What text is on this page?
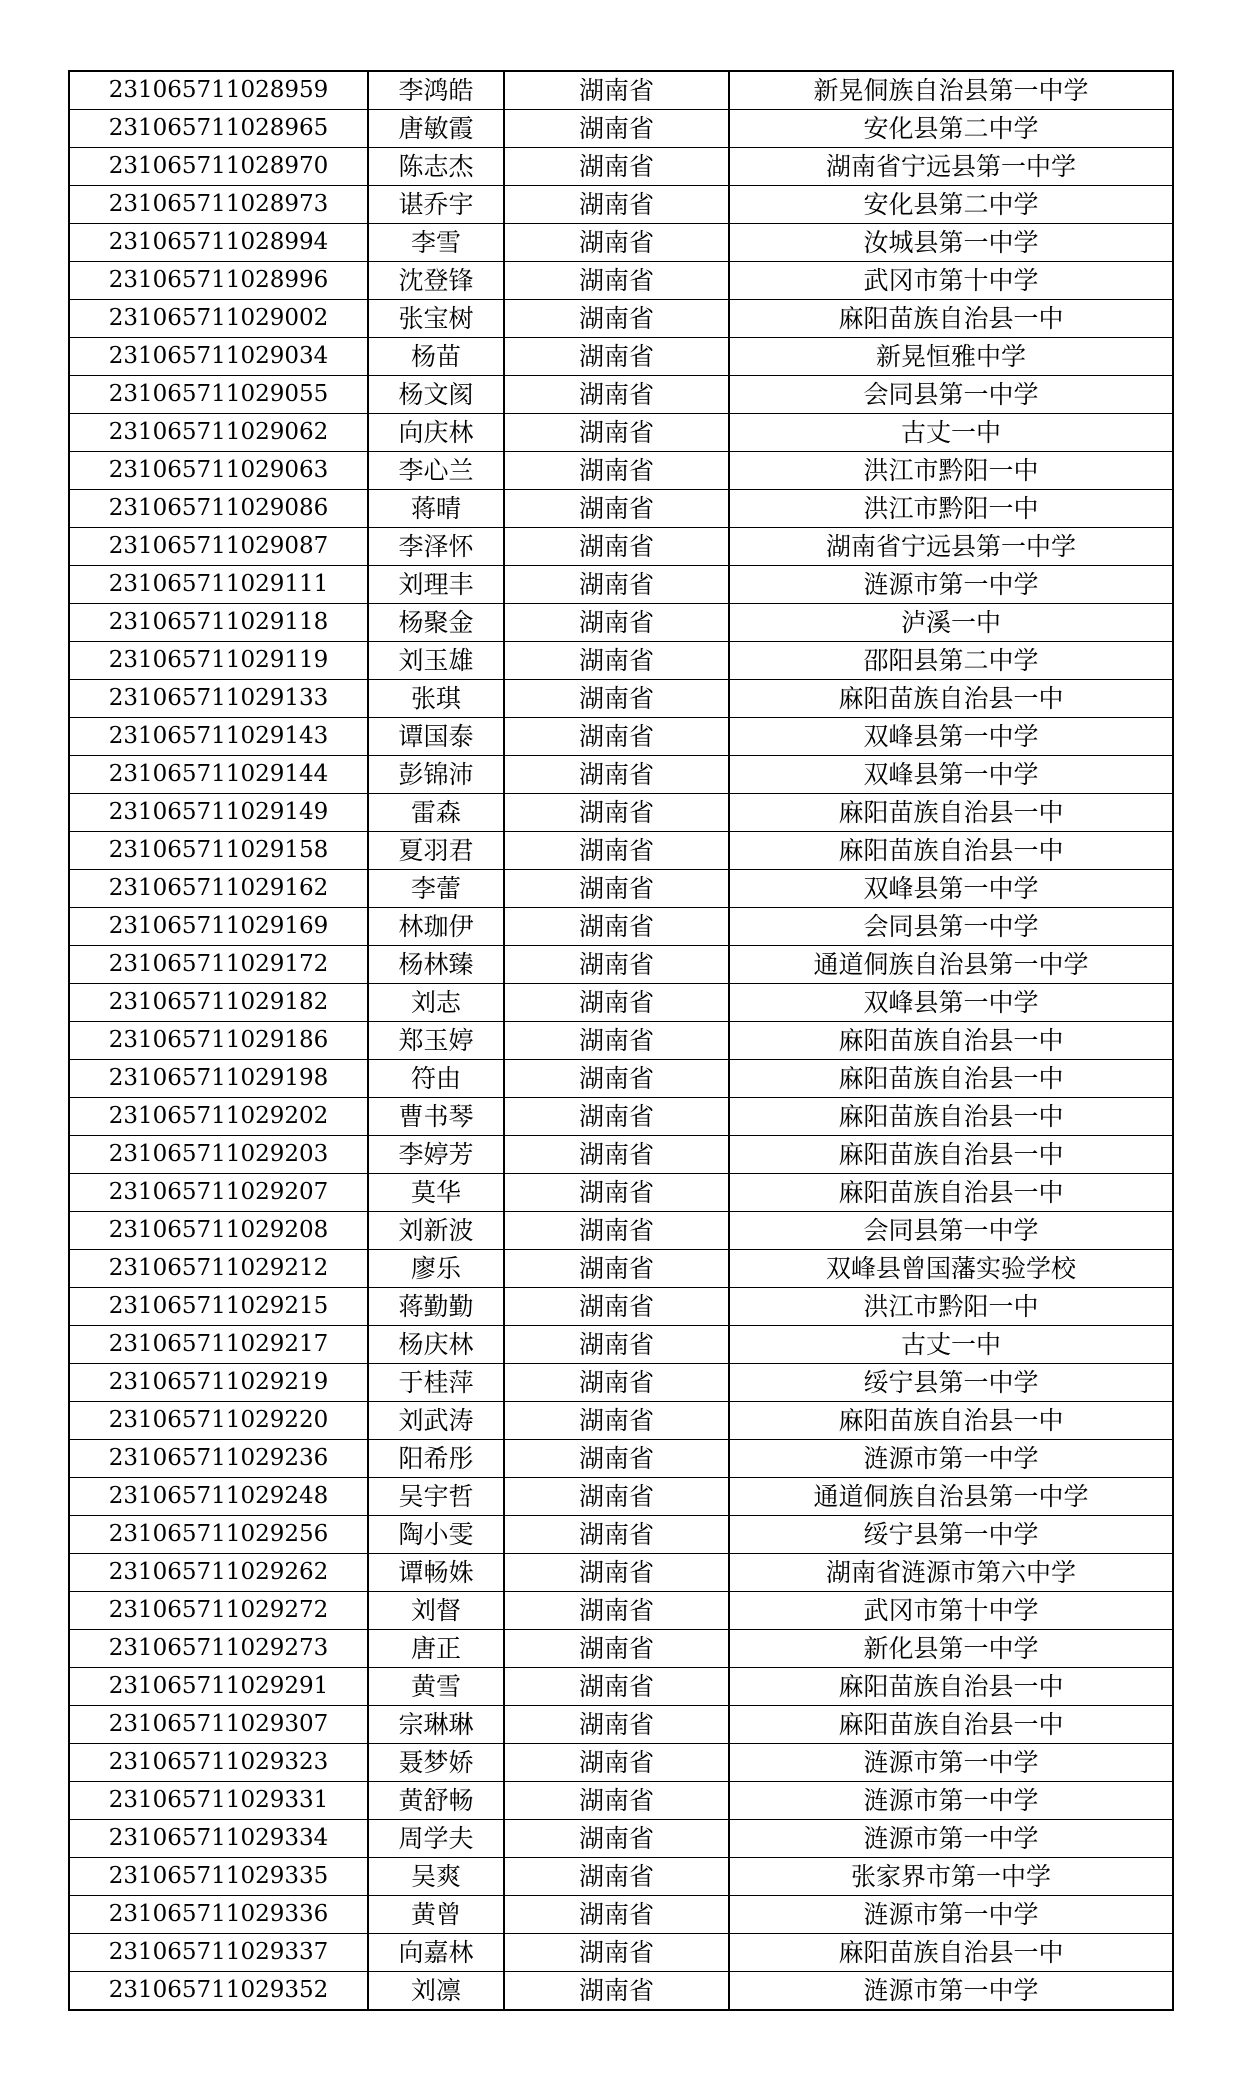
231065711028959	李鸿皓	湖南省	新晃侗族自治县第一中学
231065711028965	唐敏霞	湖南省	安化县第二中学
231065711028970	陈志杰	湖南省	湖南省宁远县第一中学
231065711028973	谌乔宇	湖南省	安化县第二中学
231065711028994	李雪	湖南省	汝城县第一中学
231065711028996	沈登锋	湖南省	武冈市第十中学
231065711029002	张宝树	湖南省	麻阳苗族自治县一中
231065711029034	杨苗	湖南省	新晃恒雅中学
231065711029055	杨文阂	湖南省	会同县第一中学
231065711029062	向庆林	湖南省	古丈一中
231065711029063	李心兰	湖南省	洪江市黔阳一中
231065711029086	蒋晴	湖南省	洪江市黔阳一中
231065711029087	李泽怀	湖南省	湖南省宁远县第一中学
231065711029111	刘理丰	湖南省	涟源市第一中学
231065711029118	杨聚金	湖南省	泸溪一中
231065711029119	刘玉雄	湖南省	邵阳县第二中学
231065711029133	张琪	湖南省	麻阳苗族自治县一中
231065711029143	谭国泰	湖南省	双峰县第一中学
231065711029144	彭锦沛	湖南省	双峰县第一中学
231065711029149	雷森	湖南省	麻阳苗族自治县一中
231065711029158	夏羽君	湖南省	麻阳苗族自治县一中
231065711029162	李蕾	湖南省	双峰县第一中学
231065711029169	林珈伊	湖南省	会同县第一中学
231065711029172	杨林臻	湖南省	通道侗族自治县第一中学
231065711029182	刘志	湖南省	双峰县第一中学
231065711029186	郑玉婷	湖南省	麻阳苗族自治县一中
231065711029198	符由	湖南省	麻阳苗族自治县一中
231065711029202	曹书琴	湖南省	麻阳苗族自治县一中
231065711029203	李婷芳	湖南省	麻阳苗族自治县一中
231065711029207	莫华	湖南省	麻阳苗族自治县一中
231065711029208	刘新波	湖南省	会同县第一中学
231065711029212	廖乐	湖南省	双峰县曾国藩实验学校
231065711029215	蒋勤勤	湖南省	洪江市黔阳一中
231065711029217	杨庆林	湖南省	古丈一中
231065711029219	于桂萍	湖南省	绥宁县第一中学
231065711029220	刘武涛	湖南省	麻阳苗族自治县一中
231065711029236	阳希彤	湖南省	涟源市第一中学
231065711029248	吴宇哲	湖南省	通道侗族自治县第一中学
231065711029256	陶小雯	湖南省	绥宁县第一中学
231065711029262	谭畅姝	湖南省	湖南省涟源市第六中学
231065711029272	刘督	湖南省	武冈市第十中学
231065711029273	唐正	湖南省	新化县第一中学
231065711029291	黄雪	湖南省	麻阳苗族自治县一中
231065711029307	宗琳琳	湖南省	麻阳苗族自治县一中
231065711029323	聂梦娇	湖南省	涟源市第一中学
231065711029331	黄舒畅	湖南省	涟源市第一中学
231065711029334	周学夫	湖南省	涟源市第一中学
231065711029335	吴爽	湖南省	张家界市第一中学
231065711029336	黄曾	湖南省	涟源市第一中学
231065711029337	向嘉林	湖南省	麻阳苗族自治县一中
231065711029352	刘凛	湖南省	涟源市第一中学
